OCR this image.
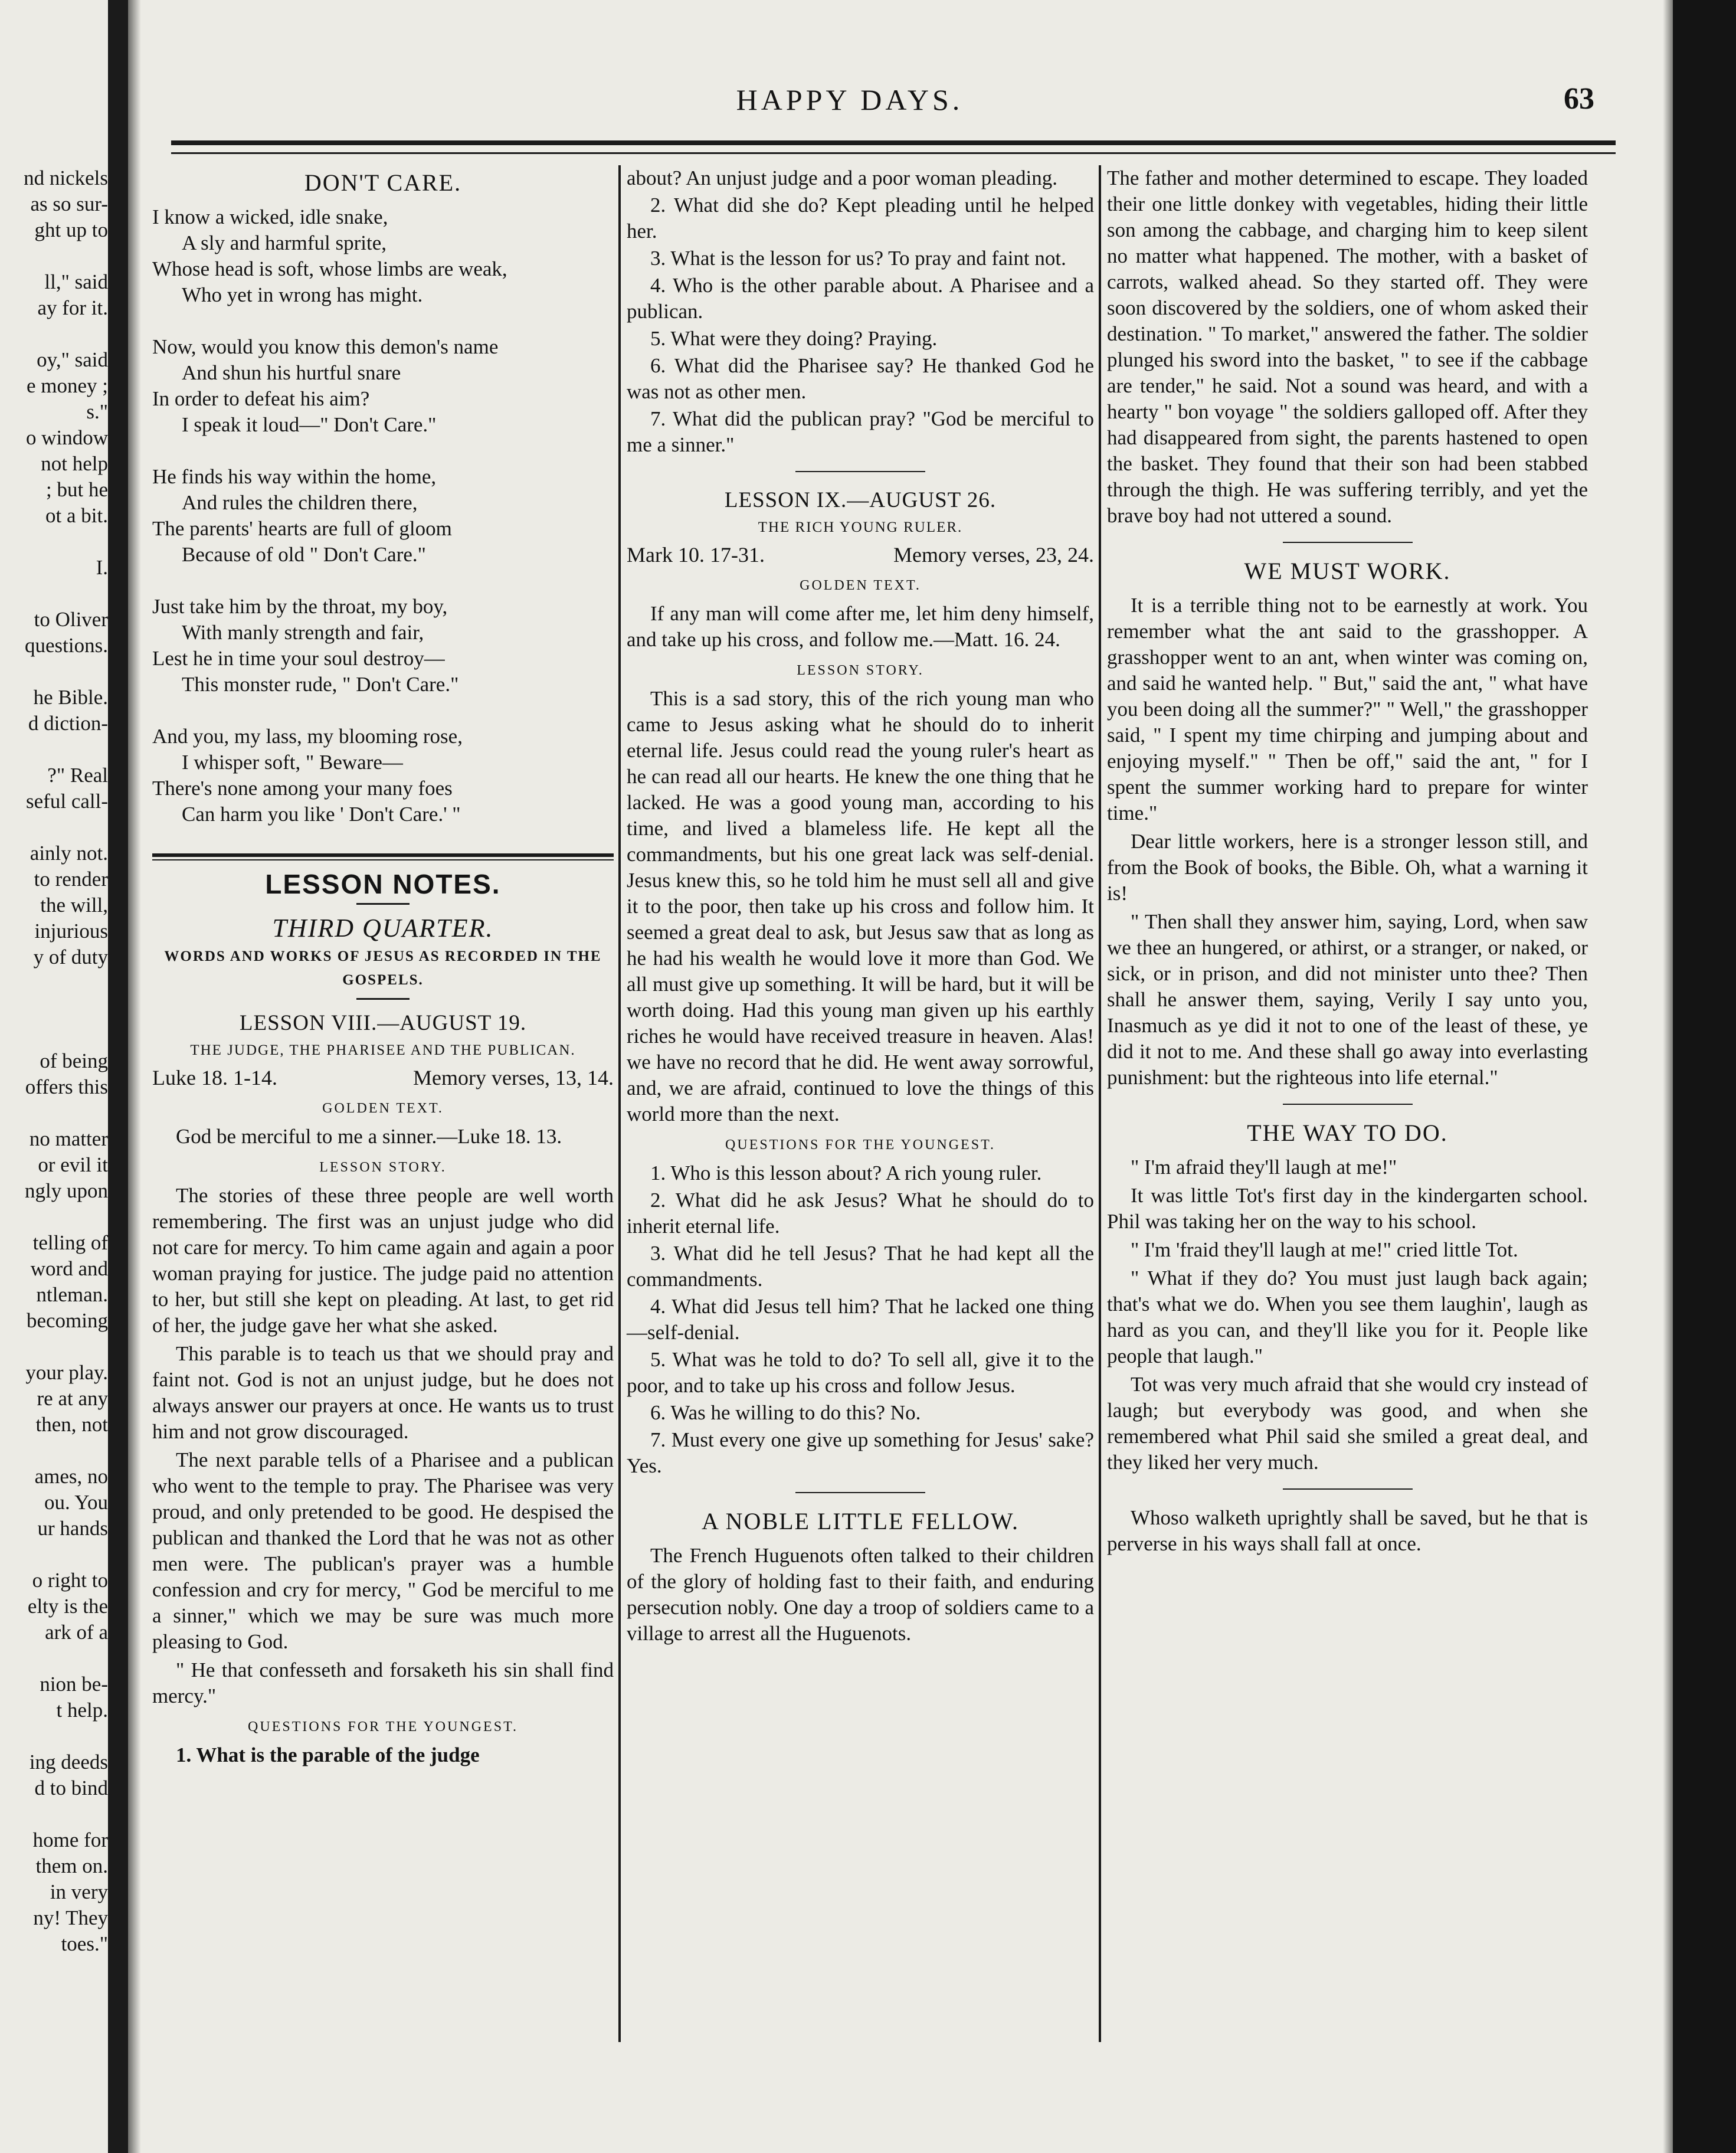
nd nickels
as so sur-
ght up to
ll," said
ay for it.
oy," said
e money ;
s."
o window
not help
; but he
ot a bit.
I.
to Oliver
questions.
he Bible.
d diction-
?" Real
seful call-
ainly not.
to render
the will,
injurious
y of duty
of being
offers this
no matter
or evil it
ngly upon
telling of
word and
ntleman.
becoming
your play.
re at any
then, not
ames, no
ou. You
ur hands
o right to
elty is the
ark of a
nion be-
t help.
ing deeds
d to bind
home for
them on.
in very
ny! They
toes."
HAPPY DAYS.	63
DON'T CARE.
I know a wicked, idle snake,
A sly and harmful sprite,
Whose head is soft, whose limbs are weak,
Who yet in wrong has might.
Now, would you know this demon's name
And shun his hurtful snare
In order to defeat his aim?
I speak it loud—" Don't Care."
He finds his way within the home,
And rules the children there,
The parents' hearts are full of gloom
Because of old " Don't Care."
Just take him by the throat, my boy,
With manly strength and fair,
Lest he in time your soul destroy—
This monster rude, " Don't Care."
And you, my lass, my blooming rose,
I whisper soft, " Beware—
There's none among your many foes
Can harm you like ' Don't Care.' "
LESSON NOTES.
THIRD QUARTER.
WORDS AND WORKS OF JESUS AS RECORDED IN THE GOSPELS.
LESSON VIII.—AUGUST 19.
THE JUDGE, THE PHARISEE AND THE PUBLICAN.
Luke 18. 1-14.	Memory verses, 13, 14.
GOLDEN TEXT.

God be merciful to me a sinner.—Luke 18. 13.

LESSON STORY.

The stories of these three people are well worth remembering. The first was an unjust judge who did not care for mercy. To him came again and again a poor woman praying for justice. The judge paid no attention to her, but still she kept on pleading. At last, to get rid of her, the judge gave her what she asked.

This parable is to teach us that we should pray and faint not. God is not an unjust judge, but he does not always answer our prayers at once. He wants us to trust him and not grow discouraged.

The next parable tells of a Pharisee and a publican who went to the temple to pray. The Pharisee was very proud, and only pretended to be good. He despised the publican and thanked the Lord that he was not as other men were. The publican's prayer was a humble confession and cry for mercy, " God be merciful to me a sinner," which we may be sure was much more pleasing to God.

" He that confesseth and forsaketh his sin shall find mercy."

QUESTIONS FOR THE YOUNGEST.
1. What is the parable of the judge
about? An unjust judge and a poor woman pleading.
2. What did she do? Kept pleading until he helped her.
3. What is the lesson for us? To pray and faint not.
4. Who is the other parable about. A Pharisee and a publican.
5. What were they doing? Praying.
6. What did the Pharisee say? He thanked God he was not as other men.
7. What did the publican pray? "God be merciful to me a sinner."
LESSON IX.—AUGUST 26.
THE RICH YOUNG RULER.
Mark 10. 17-31.	Memory verses, 23, 24.
GOLDEN TEXT.

If any man will come after me, let him deny himself, and take up his cross, and follow me.—Matt. 16. 24.

LESSON STORY.

This is a sad story, this of the rich young man who came to Jesus asking what he should do to inherit eternal life. Jesus could read the young ruler's heart as he can read all our hearts. He knew the one thing that he lacked. He was a good young man, according to his time, and lived a blameless life. He kept all the commandments, but his one great lack was self-denial. Jesus knew this, so he told him he must sell all and give it to the poor, then take up his cross and follow him. It seemed a great deal to ask, but Jesus saw that as long as he had his wealth he would love it more than God. We all must give up something. It will be hard, but it will be worth doing. Had this young man given up his earthly riches he would have received treasure in heaven. Alas! we have no record that he did. He went away sorrowful, and, we are afraid, continued to love the things of this world more than the next.

QUESTIONS FOR THE YOUNGEST.
1. Who is this lesson about? A rich young ruler.
2. What did he ask Jesus? What he should do to inherit eternal life.
3. What did he tell Jesus? That he had kept all the commandments.
4. What did Jesus tell him? That he lacked one thing—self-denial.
5. What was he told to do? To sell all, give it to the poor, and to take up his cross and follow Jesus.
6. Was he willing to do this? No.
7. Must every one give up something for Jesus' sake? Yes.
A NOBLE LITTLE FELLOW.

The French Huguenots often talked to their children of the glory of holding fast to their faith, and enduring persecution nobly. One day a troop of soldiers came to a village to arrest all the Huguenots.

The father and mother determined to escape. They loaded their one little donkey with vegetables, hiding their little son among the cabbage, and charging him to keep silent no matter what happened. The mother, with a basket of carrots, walked ahead. So they started off. They were soon discovered by the soldiers, one of whom asked their destination. " To market," answered the father. The soldier plunged his sword into the basket, " to see if the cabbage are tender," he said. Not a sound was heard, and with a hearty " bon voyage " the soldiers galloped off. After they had disappeared from sight, the parents hastened to open the basket. They found that their son had been stabbed through the thigh. He was suffering terribly, and yet the brave boy had not uttered a sound.

WE MUST WORK.

It is a terrible thing not to be earnestly at work. You remember what the ant said to the grasshopper. A grasshopper went to an ant, when winter was coming on, and said he wanted help. " But," said the ant, " what have you been doing all the summer?" " Well," the grasshopper said, " I spent my time chirping and jumping about and enjoying myself." " Then be off," said the ant, " for I spent the summer working hard to prepare for winter time."

Dear little workers, here is a stronger lesson still, and from the Book of books, the Bible. Oh, what a warning it is!

" Then shall they answer him, saying, Lord, when saw we thee an hungered, or athirst, or a stranger, or naked, or sick, or in prison, and did not minister unto thee? Then shall he answer them, saying, Verily I say unto you, Inasmuch as ye did it not to one of the least of these, ye did it not to me. And these shall go away into everlasting punishment: but the righteous into life eternal."

THE WAY TO DO.

" I'm afraid they'll laugh at me!"

It was little Tot's first day in the kindergarten school. Phil was taking her on the way to his school.

" I'm 'fraid they'll laugh at me!" cried little Tot.

" What if they do? You must just laugh back again; that's what we do. When you see them laughin', laugh as hard as you can, and they'll like you for it. People like people that laugh."

Tot was very much afraid that she would cry instead of laugh; but everybody was good, and when she remembered what Phil said she smiled a great deal, and they liked her very much.

Whoso walketh uprightly shall be saved, but he that is perverse in his ways shall fall at once.
